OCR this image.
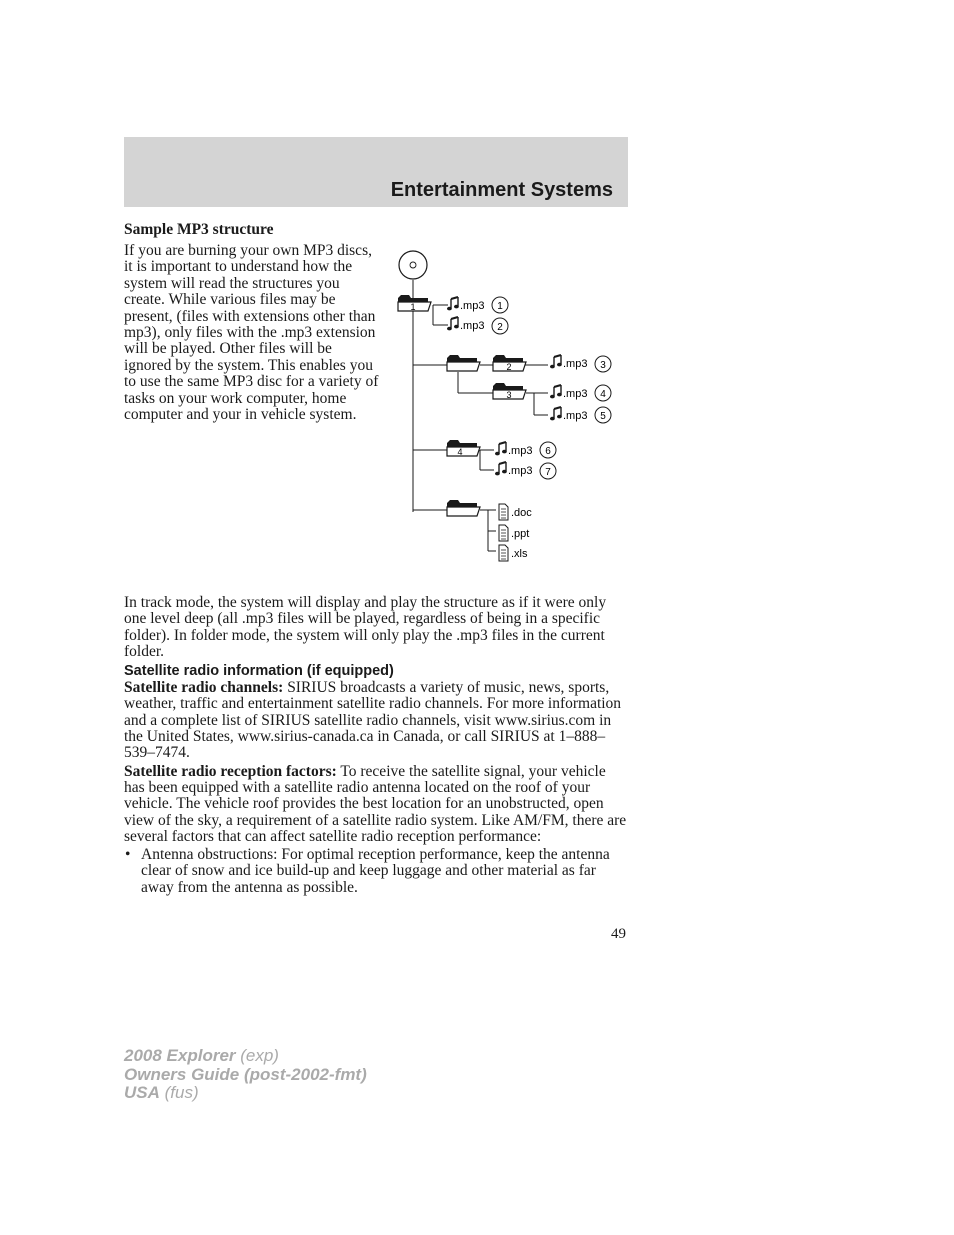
Entertainment Systems
Sample MP3 structure
If you are burning your own MP3 discs, it is important to understand how the system will read the structures you create. While various files may be present, (files with extensions other than mp3), only files with the .mp3 extension will be played. Other files will be ignored by the system. This enables you to use the same MP3 disc for a variety of tasks on your work computer, home computer and your in vehicle system.
1
2
3
4
.mp3 1
.mp3 2
.mp3 3
.mp3 4
.mp3 5
.mp3 6
.mp3 7
.doc
.ppt
.xls

In track mode, the system will display and play the structure as if it were only one level deep (all .mp3 files will be played, regardless of being in a specific folder). In folder mode, the system will only play the .mp3 files in the current folder.

Satellite radio information (if equipped)

Satellite radio channels: SIRIUS broadcasts a variety of music, news, sports, weather, traffic and entertainment satellite radio channels. For more information and a complete list of SIRIUS satellite radio channels, visit www.sirius.com in the United States, www.sirius-canada.ca in Canada, or call SIRIUS at 1–888–539–7474.

Satellite radio reception factors: To receive the satellite signal, your vehicle has been equipped with a satellite radio antenna located on the roof of your vehicle. The vehicle roof provides the best location for an unobstructed, open view of the sky, a requirement of a satellite radio system. Like AM/FM, there are several factors that can affect satellite radio reception performance:

• Antenna obstructions: For optimal reception performance, keep the antenna clear of snow and ice build-up and keep luggage and other material as far away from the antenna as possible.
49
2008 Explorer (exp)
Owners Guide (post-2002-fmt)
USA (fus)
